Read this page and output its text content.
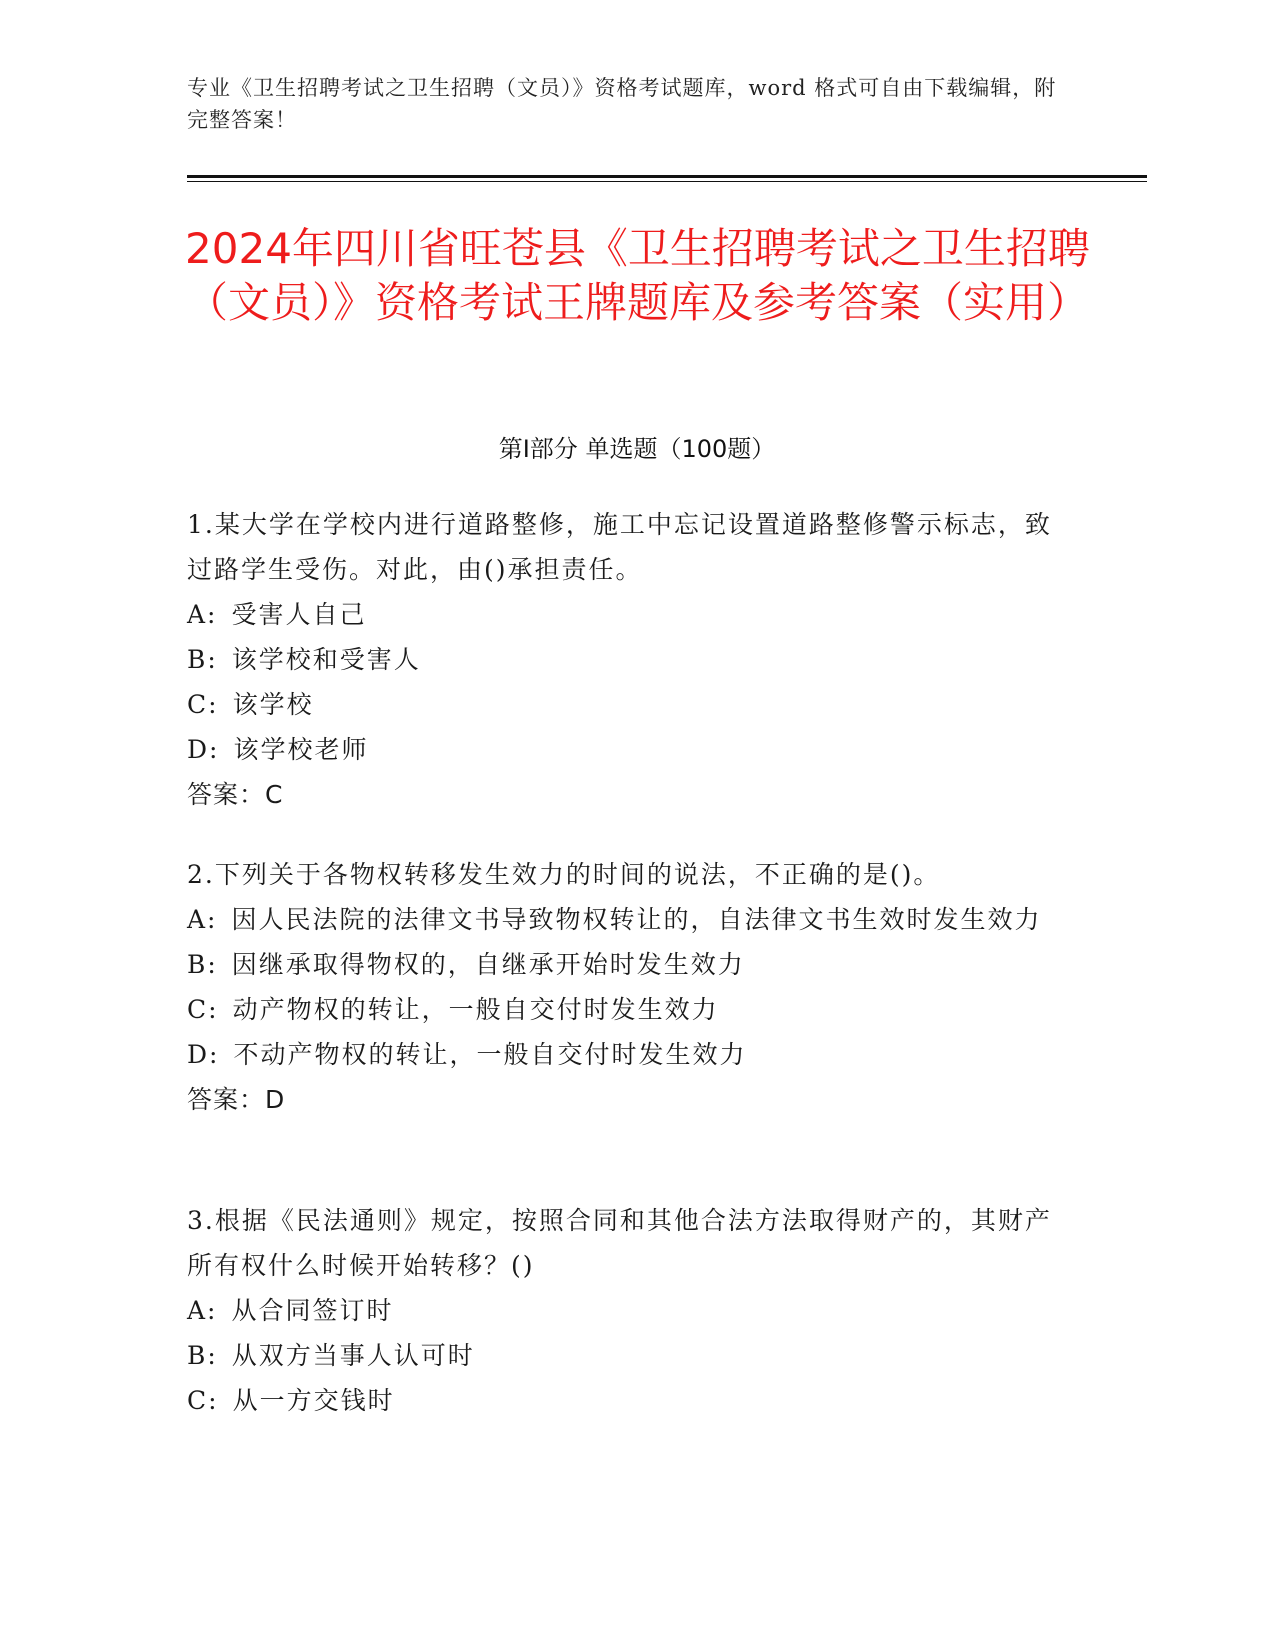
专业《卫生招聘考试之卫生招聘（文员）》资格考试题库，word 格式可自由下载编辑，附完整答案！
2024年四川省旺苍县《卫生招聘考试之卫生招聘（文员）》资格考试王牌题库及参考答案（实用）
第Ⅰ部分 单选题（100题）

1.某大学在学校内进行道路整修，施工中忘记设置道路整修警示标志，致过路学生受伤。对此，由()承担责任。

A: 受害人自己

B: 该学校和受害人

C: 该学校

D: 该学校老师

答案：C

2.下列关于各物权转移发生效力的时间的说法，不正确的是()。

A: 因人民法院的法律文书导致物权转让的，自法律文书生效时发生效力

B: 因继承取得物权的，自继承开始时发生效力

C: 动产物权的转让，一般自交付时发生效力

D: 不动产物权的转让，一般自交付时发生效力

答案：D

3.根据《民法通则》规定，按照合同和其他合法方法取得财产的，其财产所有权什么时候开始转移？()

A: 从合同签订时

B: 从双方当事人认可时

C: 从一方交钱时
